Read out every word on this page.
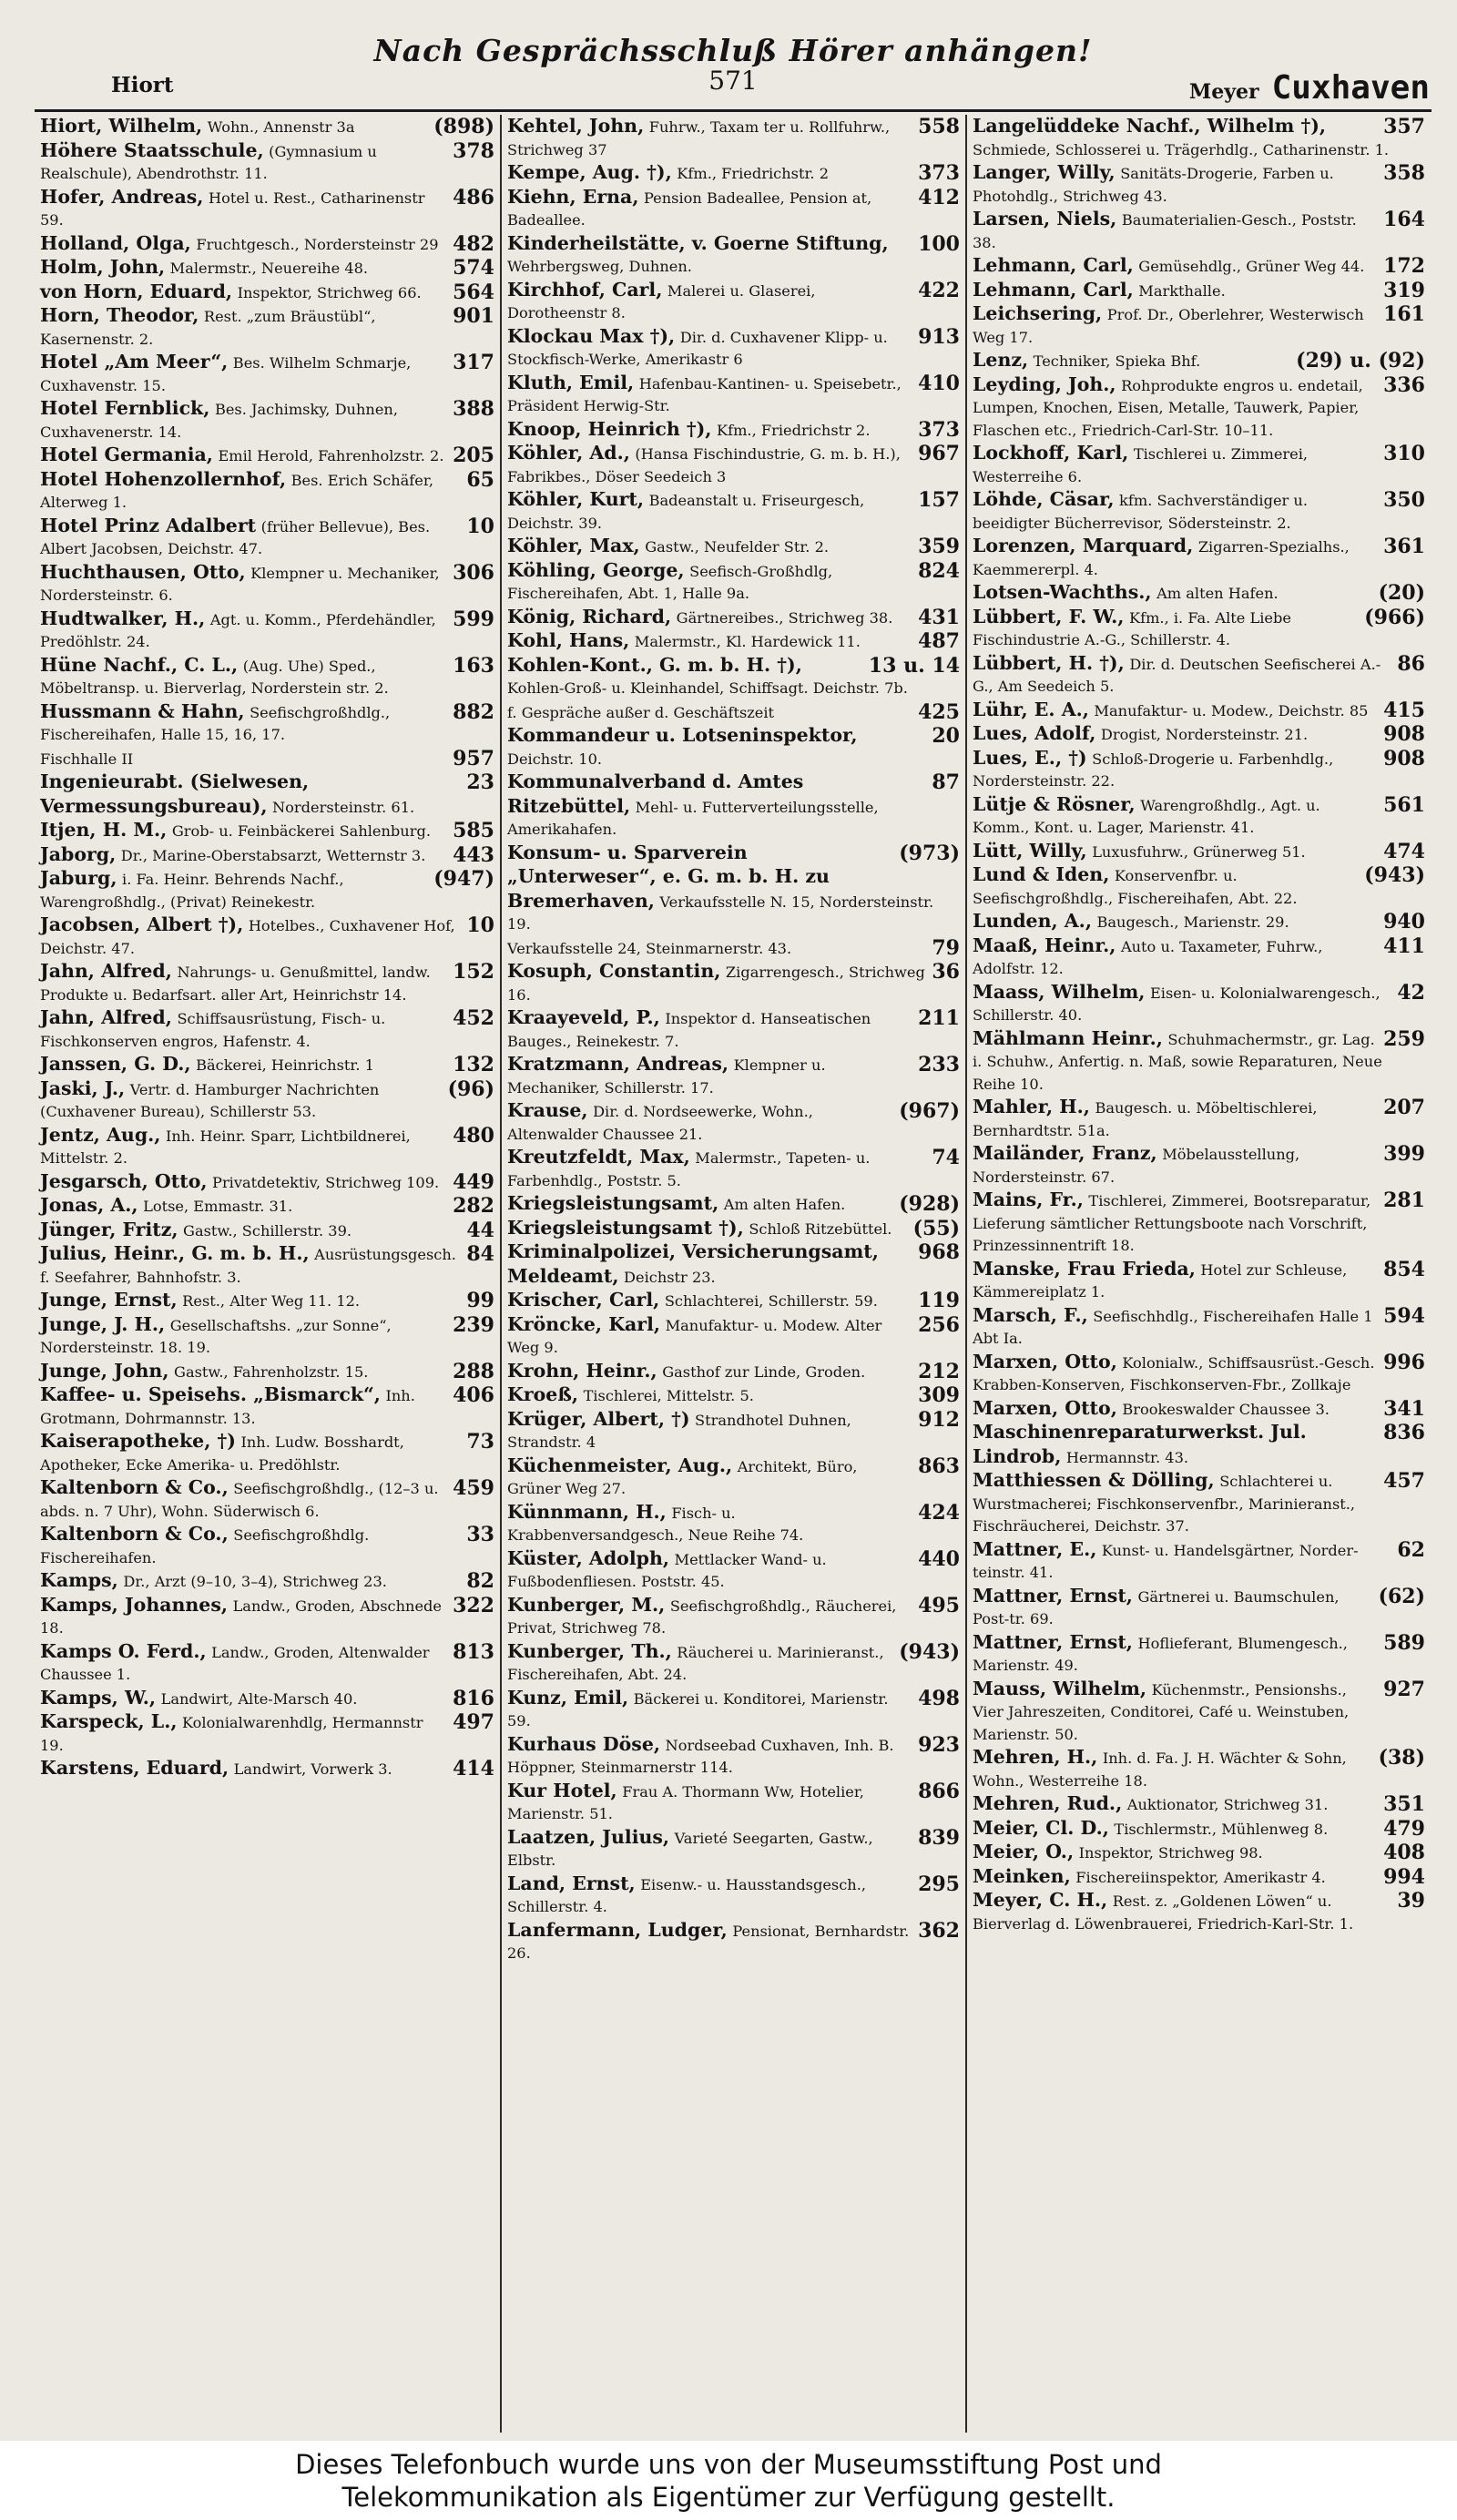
Nach Gesprächsschluß Hörer anhängen!
Hiort	571	Meyer Cuxhaven

(898)
Hiort, Wilhelm, Wohn., Annenstr 3a

378
Höhere Staatsschule, (Gymnasium u Realschule), Abendrothstr. 11.

486
Hofer, Andreas, Hotel u. Rest., Catharinenstr 59.

482
Holland, Olga, Fruchtgesch., Nordersteinstr 29

574
Holm, John, Malermstr., Neuereihe 48.

564
von Horn, Eduard, Inspektor, Strichweg 66.

901
Horn, Theodor, Rest. „zum Bräustübl“, Kasernenstr. 2.

317
Hotel „Am Meer“, Bes. Wilhelm Schmarje, Cuxhavenstr. 15.

388
Hotel Fernblick, Bes. Jachimsky, Duhnen, Cuxhavenerstr. 14.

205
Hotel Germania, Emil Herold, Fahrenholzstr. 2.

65
Hotel Hohenzollernhof, Bes. Erich Schäfer, Alterweg 1.

10
Hotel Prinz Adalbert (früher Bellevue), Bes. Albert Jacobsen, Deichstr. 47.

306
Huchthausen, Otto, Klempner u. Mechaniker, Nordersteinstr. 6.

599
Hudtwalker, H., Agt. u. Komm., Pferdehändler, Predöhlstr. 24.

163
Hüne Nachf., C. L., (Aug. Uhe) Sped., Möbeltransp. u. Bierverlag, Norderstein str. 2.

882
Hussmann & Hahn, Seefischgroßhdlg., Fischereihafen, Halle 15, 16, 17.

957
Fischhalle II

23
Ingenieurabt. (Sielwesen, Vermessungsbureau), Nordersteinstr. 61.

585
Itjen, H. M., Grob- u. Feinbäckerei Sahlenburg.

443
Jaborg, Dr., Marine-Oberstabsarzt, Wetternstr 3.

(947)
Jaburg, i. Fa. Heinr. Behrends Nachf., Warengroßhdlg., (Privat) Reinekestr.

10
Jacobsen, Albert †), Hotelbes., Cuxhavener Hof, Deichstr. 47.

152
Jahn, Alfred, Nahrungs- u. Genußmittel, landw. Produkte u. Bedarfsart. aller Art, Heinrichstr 14.

452
Jahn, Alfred, Schiffsausrüstung, Fisch- u. Fischkonserven engros, Hafenstr. 4.

132
Janssen, G. D., Bäckerei, Heinrichstr. 1

(96)
Jaski, J., Vertr. d. Hamburger Nachrichten (Cuxhavener Bureau), Schillerstr 53.

480
Jentz, Aug., Inh. Heinr. Sparr, Lichtbildnerei, Mittelstr. 2.

449
Jesgarsch, Otto, Privatdetektiv, Strichweg 109.

282
Jonas, A., Lotse, Emmastr. 31.

44
Jünger, Fritz, Gastw., Schillerstr. 39.

84
Julius, Heinr., G. m. b. H., Ausrüstungsgesch. f. Seefahrer, Bahnhofstr. 3.

99
Junge, Ernst, Rest., Alter Weg 11. 12.

239
Junge, J. H., Gesellschaftshs. „zur Sonne“, Nordersteinstr. 18. 19.

288
Junge, John, Gastw., Fahrenholzstr. 15.

406
Kaffee- u. Speisehs. „Bismarck“, Inh. Grotmann, Dohrmannstr. 13.

73
Kaiserapotheke, †) Inh. Ludw. Bosshardt, Apotheker, Ecke Amerika- u. Predöhlstr.

459
Kaltenborn & Co., Seefischgroßhdlg., (12–3 u. abds. n. 7 Uhr), Wohn. Süderwisch 6.

33
Kaltenborn & Co., Seefischgroßhdlg. Fischereihafen.

82
Kamps, Dr., Arzt (9–10, 3–4), Strichweg 23.

322
Kamps, Johannes, Landw., Groden, Abschnede 18.

813
Kamps O. Ferd., Landw., Groden, Altenwalder Chaussee 1.

816
Kamps, W., Landwirt, Alte-Marsch 40.

497
Karspeck, L., Kolonialwarenhdlg, Hermannstr 19.

414
Karstens, Eduard, Landwirt, Vorwerk 3.

558
Kehtel, John, Fuhrw., Taxam ter u. Rollfuhrw., Strichweg 37

373
Kempe, Aug. †), Kfm., Friedrichstr. 2

412
Kiehn, Erna, Pension Badeallee, Pension at, Badeallee.

100
Kinderheilstätte, v. Goerne Stiftung, Wehrbergsweg, Duhnen.

422
Kirchhof, Carl, Malerei u. Glaserei, Dorotheenstr 8.

913
Klockau Max †), Dir. d. Cuxhavener Klipp- u. Stockfisch-Werke, Amerikastr 6

410
Kluth, Emil, Hafenbau-Kantinen- u. Speisebetr., Präsident Herwig-Str.

373
Knoop, Heinrich †), Kfm., Friedrichstr 2.

967
Köhler, Ad., (Hansa Fischindustrie, G. m. b. H.), Fabrikbes., Döser Seedeich 3

157
Köhler, Kurt, Badeanstalt u. Friseurgesch, Deichstr. 39.

359
Köhler, Max, Gastw., Neufelder Str. 2.

824
Köhling, George, Seefisch-Großhdlg, Fischereihafen, Abt. 1, Halle 9a.

431
König, Richard, Gärtnereibes., Strichweg 38.

487
Kohl, Hans, Malermstr., Kl. Hardewick 11.

13 u. 14
Kohlen-Kont., G. m. b. H. †), Kohlen-Groß- u. Kleinhandel, Schiffsagt. Deichstr. 7b.

425
f. Gespräche außer d. Geschäftszeit

20
Kommandeur u. Lotseninspektor, Deichstr. 10.

87
Kommunalverband d. Amtes Ritzebüttel, Mehl- u. Futterverteilungsstelle, Amerikahafen.

(973)
Konsum- u. Sparverein „Unterweser“, e. G. m. b. H. zu Bremerhaven, Verkaufsstelle N. 15, Nordersteinstr. 19.

79
Verkaufsstelle 24, Steinmarnerstr. 43.

36
Kosuph, Constantin, Zigarrengesch., Strichweg 16.

211
Kraayeveld, P., Inspektor d. Hanseatischen Bauges., Reinekestr. 7.

233
Kratzmann, Andreas, Klempner u. Mechaniker, Schillerstr. 17.

(967)
Krause, Dir. d. Nordseewerke, Wohn., Altenwalder Chaussee 21.

74
Kreutzfeldt, Max, Malermstr., Tapeten- u. Farbenhdlg., Poststr. 5.

(928)
Kriegsleistungsamt, Am alten Hafen.

(55)
Kriegsleistungsamt †), Schloß Ritzebüttel.

968
Kriminalpolizei, Versicherungsamt, Meldeamt, Deichstr 23.

119
Krischer, Carl, Schlachterei, Schillerstr. 59.

256
Kröncke, Karl, Manufaktur- u. Modew. Alter Weg 9.

212
Krohn, Heinr., Gasthof zur Linde, Groden.

309
Kroeß, Tischlerei, Mittelstr. 5.

912
Krüger, Albert, †) Strandhotel Duhnen, Strandstr. 4

863
Küchenmeister, Aug., Architekt, Büro, Grüner Weg 27.

424
Künnmann, H., Fisch- u. Krabbenversandgesch., Neue Reihe 74.

440
Küster, Adolph, Mettlacker Wand- u. Fußbodenfliesen. Poststr. 45.

495
Kunberger, M., Seefischgroßhdlg., Räucherei, Privat, Strichweg 78.

(943)
Kunberger, Th., Räucherei u. Marinieranst., Fischereihafen, Abt. 24.

498
Kunz, Emil, Bäckerei u. Konditorei, Marienstr. 59.

923
Kurhaus Döse, Nordseebad Cuxhaven, Inh. B. Höppner, Steinmarnerstr 114.

866
Kur Hotel, Frau A. Thormann Ww, Hotelier, Marienstr. 51.

839
Laatzen, Julius, Varieté Seegarten, Gastw., Elbstr.

295
Land, Ernst, Eisenw.- u. Hausstandsgesch., Schillerstr. 4.

362
Lanfermann, Ludger, Pensionat, Bernhardstr. 26.

357
Langelüddeke Nachf., Wilhelm †), Schmiede, Schlosserei u. Trägerhdlg., Catharinenstr. 1.

358
Langer, Willy, Sanitäts-Drogerie, Farben u. Photohdlg., Strichweg 43.

164
Larsen, Niels, Baumaterialien-Gesch., Poststr. 38.

172
Lehmann, Carl, Gemüsehdlg., Grüner Weg 44.

319
Lehmann, Carl, Markthalle.

161
Leichsering, Prof. Dr., Oberlehrer, Westerwisch Weg 17.

(29) u. (92)
Lenz, Techniker, Spieka Bhf.

336
Leyding, Joh., Rohprodukte engros u. endetail, Lumpen, Knochen, Eisen, Metalle, Tauwerk, Papier, Flaschen etc., Friedrich-Carl-Str. 10–11.

310
Lockhoff, Karl, Tischlerei u. Zimmerei, Westerreihe 6.

350
Löhde, Cäsar, kfm. Sachverständiger u. beeidigter Bücherrevisor, Södersteinstr. 2.

361
Lorenzen, Marquard, Zigarren-Spezialhs., Kaemmererpl. 4.

(20)
Lotsen-Wachths., Am alten Hafen.

(966)
Lübbert, F. W., Kfm., i. Fa. Alte Liebe Fischindustrie A.-G., Schillerstr. 4.

86
Lübbert, H. †), Dir. d. Deutschen Seefischerei A.-G., Am Seedeich 5.

415
Lühr, E. A., Manufaktur- u. Modew., Deichstr. 85

908
Lues, Adolf, Drogist, Nordersteinstr. 21.

908
Lues, E., †) Schloß-Drogerie u. Farbenhdlg., Nordersteinstr. 22.

561
Lütje & Rösner, Warengroßhdlg., Agt. u. Komm., Kont. u. Lager, Marienstr. 41.

474
Lütt, Willy, Luxusfuhrw., Grünerweg 51.

(943)
Lund & Iden, Konservenfbr. u. Seefischgroßhdlg., Fischereihafen, Abt. 22.

940
Lunden, A., Baugesch., Marienstr. 29.

411
Maaß, Heinr., Auto u. Taxameter, Fuhrw., Adolfstr. 12.

42
Maass, Wilhelm, Eisen- u. Kolonialwarengesch., Schillerstr. 40.

259
Mählmann Heinr., Schuhmachermstr., gr. Lag. i. Schuhw., Anfertig. n. Maß, sowie Reparaturen, Neue Reihe 10.

207
Mahler, H., Baugesch. u. Möbeltischlerei, Bernhardtstr. 51a.

399
Mailänder, Franz, Möbelausstellung, Nordersteinstr. 67.

281
Mains, Fr., Tischlerei, Zimmerei, Bootsreparatur, Lieferung sämtlicher Rettungsboote nach Vorschrift, Prinzessinnentrift 18.

854
Manske, Frau Frieda, Hotel zur Schleuse, Kämmereiplatz 1.

594
Marsch, F., Seefischhdlg., Fischereihafen Halle 1 Abt Ia.

996
Marxen, Otto, Kolonialw., Schiffsausrüst.-Gesch. Krabben-Konserven, Fischkonserven-Fbr., Zollkaje

341
Marxen, Otto, Brookeswalder Chaussee 3.

836
Maschinenreparaturwerkst. Jul. Lindrob, Hermannstr. 43.

457
Matthiessen & Dölling, Schlachterei u. Wurstmacherei; Fischkonservenfbr., Marinieranst., Fischräucherei, Deichstr. 37.

62
Mattner, E., Kunst- u. Handelsgärtner, Norder-teinstr. 41.

(62)
Mattner, Ernst, Gärtnerei u. Baumschulen, Post-tr. 69.

589
Mattner, Ernst, Hoflieferant, Blumengesch., Marienstr. 49.

927
Mauss, Wilhelm, Küchenmstr., Pensionshs., Vier Jahreszeiten, Conditorei, Café u. Weinstuben, Marienstr. 50.

(38)
Mehren, H., Inh. d. Fa. J. H. Wächter & Sohn, Wohn., Westerreihe 18.

351
Mehren, Rud., Auktionator, Strichweg 31.

479
Meier, Cl. D., Tischlermstr., Mühlenweg 8.

408
Meier, O., Inspektor, Strichweg 98.

994
Meinken, Fischereiinspektor, Amerikastr 4.

39
Meyer, C. H., Rest. z. „Goldenen Löwen“ u. Bierverlag d. Löwenbrauerei, Friedrich-Karl-Str. 1.

Dieses Telefonbuch wurde uns von der Museumsstiftung Post und
Telekommunikation als Eigentümer zur Verfügung gestellt.
